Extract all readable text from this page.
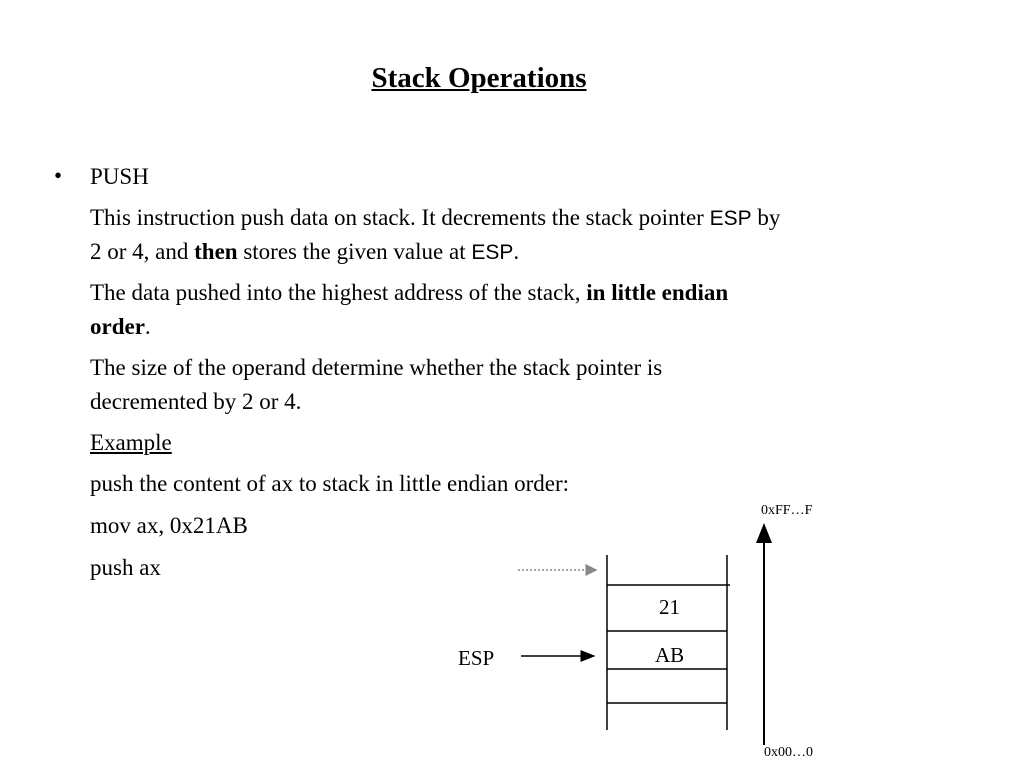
Stack Operations
• PUSH
This instruction push data on stack. It decrements the stack pointer ESP by
2 or 4, and then stores the given value at ESP.
The data pushed into the highest address of the stack, in little endian
order.
The size of the operand determine whether the stack pointer is
decremented by 2 or 4.
Example
push the content of ax to stack in little endian order:
mov ax, 0x21AB
push ax
21
AB
ESP
0xFF…F
0x00…0
